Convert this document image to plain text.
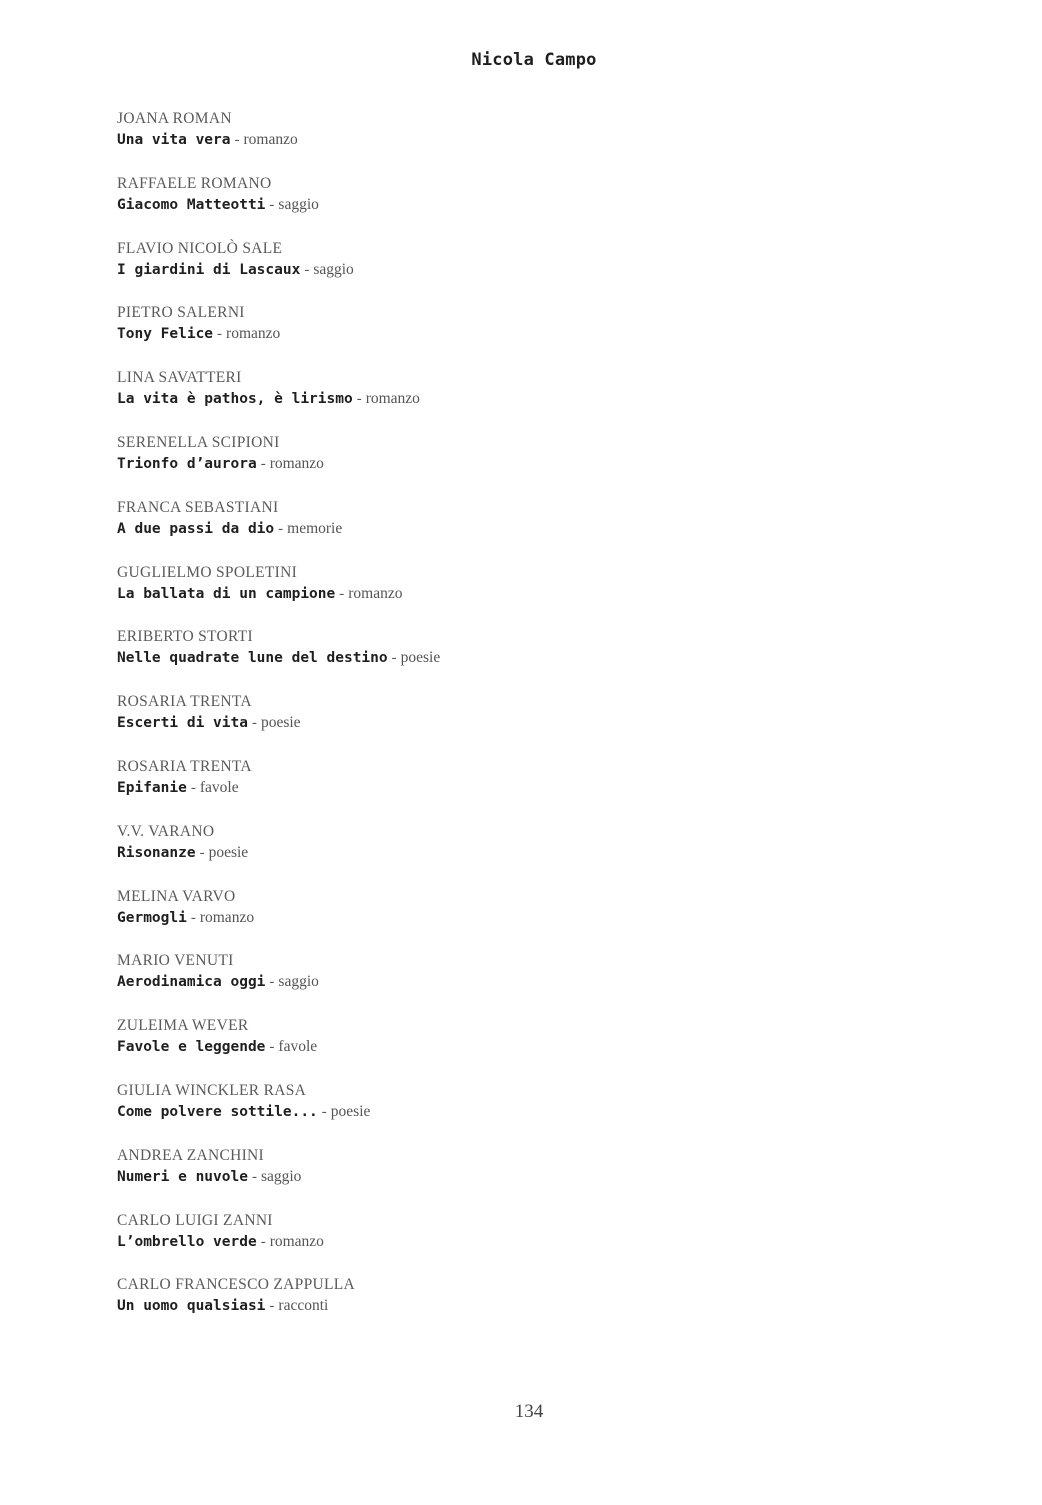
Nicola Campo
JOANA ROMAN
Una vita vera - romanzo
RAFFAELE ROMANO
Giacomo Matteotti - saggio
FLAVIO NICOLÒ SALE
I giardini di Lascaux - saggio
PIETRO SALERNI
Tony Felice - romanzo
LINA SAVATTERI
La vita è pathos, è lirismo - romanzo
SERENELLA SCIPIONI
Trionfo d’aurora - romanzo
FRANCA SEBASTIANI
A due passi da dio - memorie
GUGLIELMO SPOLETINI
La ballata di un campione - romanzo
ERIBERTO STORTI
Nelle quadrate lune del destino - poesie
ROSARIA TRENTA
Escerti di vita - poesie
ROSARIA TRENTA
Epifanie - favole
V.V. VARANO
Risonanze - poesie
MELINA VARVO
Germogli - romanzo
MARIO VENUTI
Aerodinamica oggi - saggio
ZULEIMA WEVER
Favole e leggende - favole
GIULIA WINCKLER RASA
Come polvere sottile... - poesie
ANDREA ZANCHINI
Numeri e nuvole - saggio
CARLO LUIGI ZANNI
L’ombrello verde - romanzo
CARLO FRANCESCO ZAPPULLA
Un uomo qualsiasi - racconti
134
